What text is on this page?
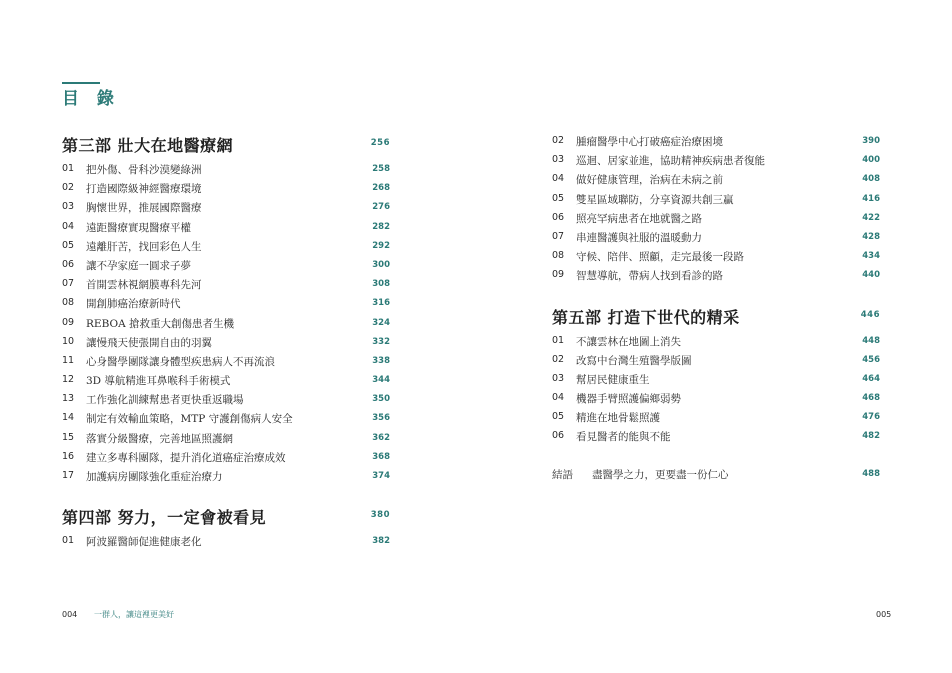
目 錄
第三部 壯大在地醫療網	256
01	把外傷、骨科沙漠變綠洲	258
02	打造國際級神經醫療環境	268
03	胸懷世界，推展國際醫療	276
04	遠距醫療實現醫療平權	282
05	遠離肝苦，找回彩色人生	292
06	讓不孕家庭一圓求子夢	300
07	首開雲林視網膜專科先河	308
08	開創肺癌治療新時代	316
09	REBOA 搶救重大創傷患者生機	324
10	讓慢飛天使張開自由的羽翼	332
11	心身醫學團隊讓身體型疾患病人不再流浪	338
12	3D 導航精進耳鼻喉科手術模式	344
13	工作強化訓練幫患者更快重返職場	350
14	制定有效輸血策略，MTP 守護創傷病人安全	356
15	落實分級醫療，完善地區照護網	362
16	建立多專科團隊，提升消化道癌症治療成效	368
17	加護病房團隊強化重症治療力	374
第四部 努力，一定會被看見	380
01	阿波羅醫師促進健康老化	382
004 一群人，讓這裡更美好
02	腫瘤醫學中心打破癌症治療困境	390
03	巡迴、居家並進，協助精神疾病患者復能	400
04	做好健康管理，治病在未病之前	408
05	雙星區域聯防，分享資源共創三贏	416
06	照亮罕病患者在地就醫之路	422
07	串連醫護與社服的溫暖動力	428
08	守候、陪伴、照顧，走完最後一段路	434
09	智慧導航，帶病人找到看診的路	440
第五部 打造下世代的精采	446
01	不讓雲林在地圖上消失	448
02	改寫中台灣生殖醫學版圖	456
03	幫居民健康重生	464
04	機器手臂照護偏鄉弱勢	468
05	精進在地骨鬆照護	476
06	看見醫者的能與不能	482
結語 盡醫學之力，更要盡一份仁心	488
005
